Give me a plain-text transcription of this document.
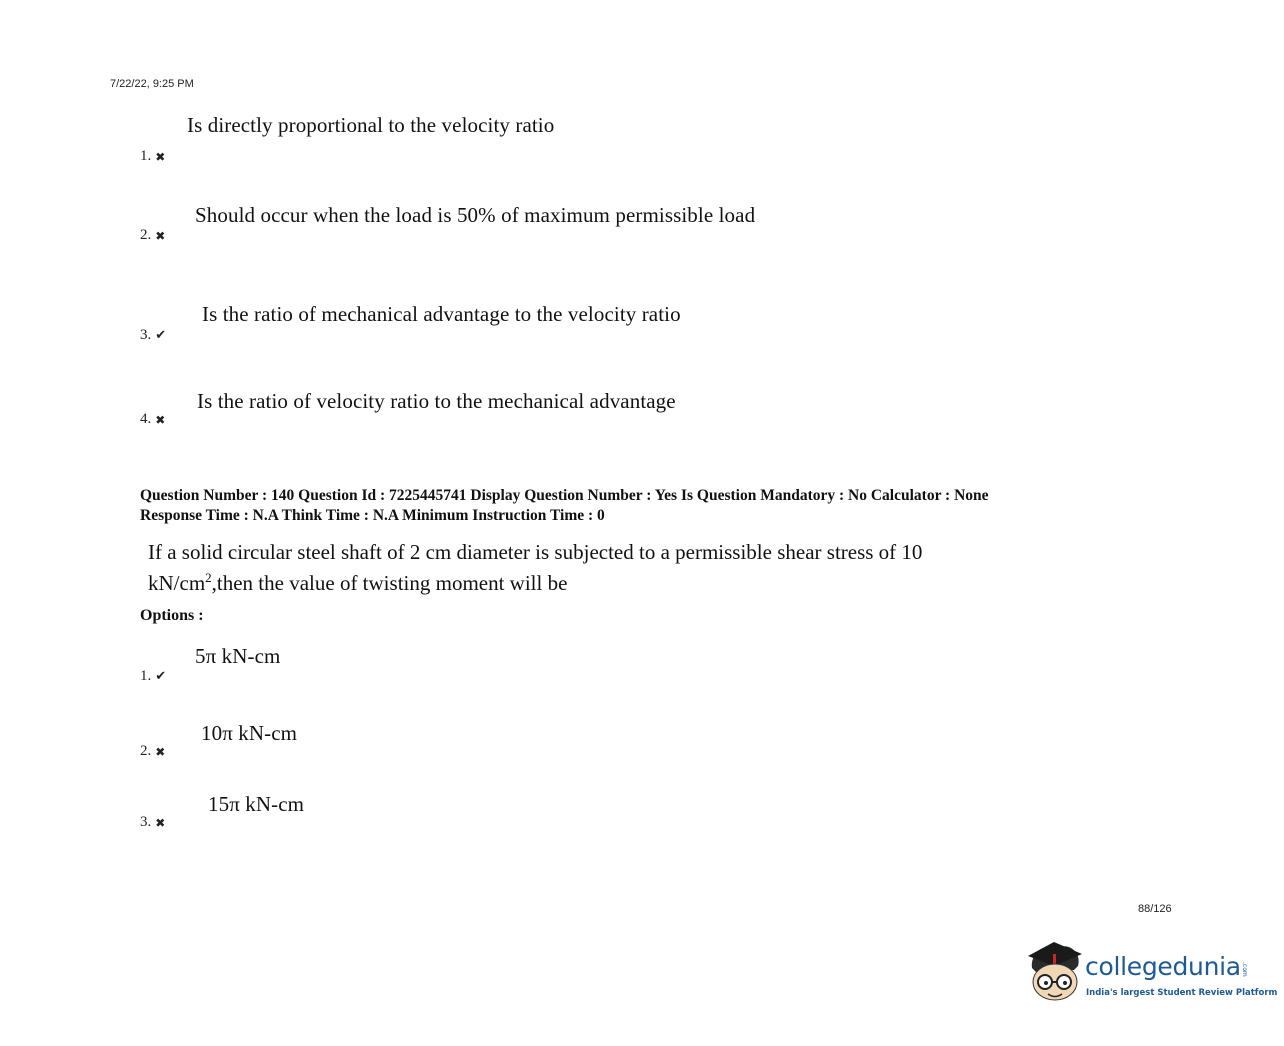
7/22/22, 9:25 PM
Is directly proportional to the velocity ratio
1. ✖
Should occur when the load is 50% of maximum permissible load
2. ✖
Is the ratio of mechanical advantage to the velocity ratio
3. ✔
Is the ratio of velocity ratio to the mechanical advantage
4. ✖
Question Number : 140 Question Id : 7225445741 Display Question Number : Yes Is Question Mandatory : No Calculator : None
Response Time : N.A Think Time : N.A Minimum Instruction Time : 0
If a solid circular steel shaft of 2 cm diameter is subjected to a permissible shear stress of 10
$kN/cm^2,then$ the value of twisting moment will be
Options :
5π kN-cm
1. ✔
10π kN-cm
2. ✖
15π kN-cm
3. ✖
88/126
collegedunia .com
India's largest Student Review Platform
